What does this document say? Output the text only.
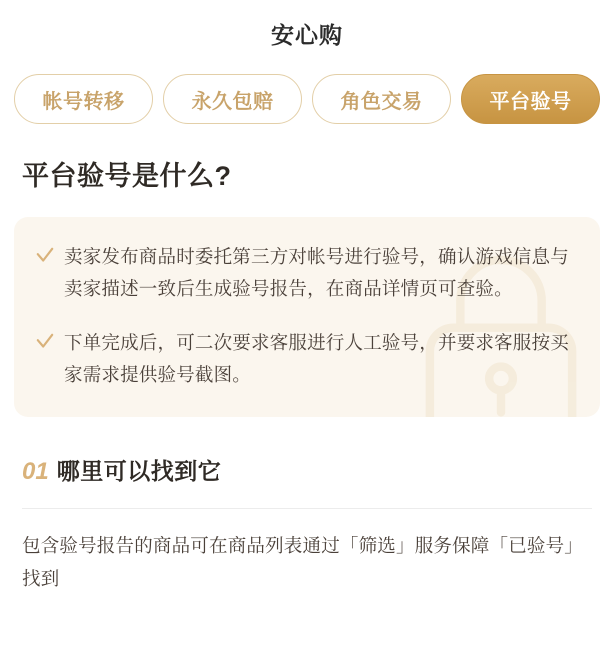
安心购
帐号转移	永久包赔	角色交易	平台验号
平台验号是什么?
卖家发布商品时委托第三方对帐号进行验号，确认游戏信息与卖家描述一致后生成验号报告，在商品详情页可查验。
下单完成后，可二次要求客服进行人工验号，并要求客服按买家需求提供验号截图。
01 哪里可以找到它
包含验号报告的商品可在商品列表通过「筛选」服务保障「已验号」找到
